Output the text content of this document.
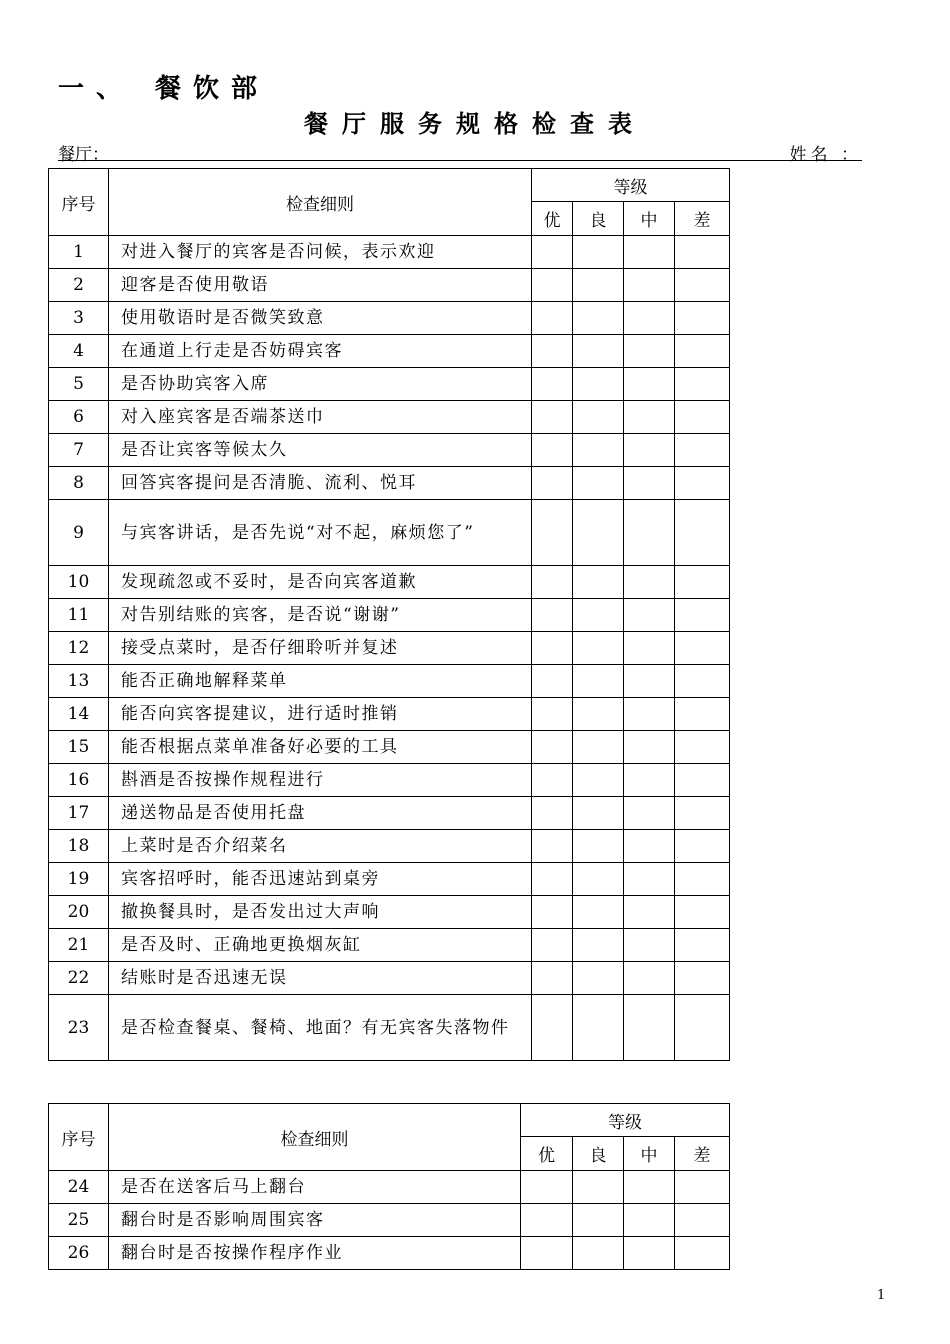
一、 餐饮部
餐厅服务规格检查表
餐厅：	姓名 ：
序号	检查细则	等级			
		优	良	中	差
1	对进入餐厅的宾客是否问候，表示欢迎				
2	迎客是否使用敬语				
3	使用敬语时是否微笑致意				
4	在通道上行走是否妨碍宾客				
5	是否协助宾客入席				
6	对入座宾客是否端茶送巾				
7	是否让宾客等候太久				
8	回答宾客提问是否清脆、流利、悦耳				
9	与宾客讲话，是否先说“对不起，麻烦您了”				
10	发现疏忽或不妥时，是否向宾客道歉				
11	对告别结账的宾客，是否说“谢谢”				
12	接受点菜时，是否仔细聆听并复述				
13	能否正确地解释菜单				
14	能否向宾客提建议，进行适时推销				
15	能否根据点菜单准备好必要的工具				
16	斟酒是否按操作规程进行				
17	递送物品是否使用托盘				
18	上菜时是否介绍菜名				
19	宾客招呼时，能否迅速站到桌旁				
20	撤换餐具时，是否发出过大声响				
21	是否及时、正确地更换烟灰缸				
22	结账时是否迅速无误				
23	是否检查餐桌、餐椅、地面？有无宾客失落物件				
序号	检查细则	等级			
		优	良	中	差
24	是否在送客后马上翻台				
25	翻台时是否影响周围宾客				
26	翻台时是否按操作程序作业				
1
